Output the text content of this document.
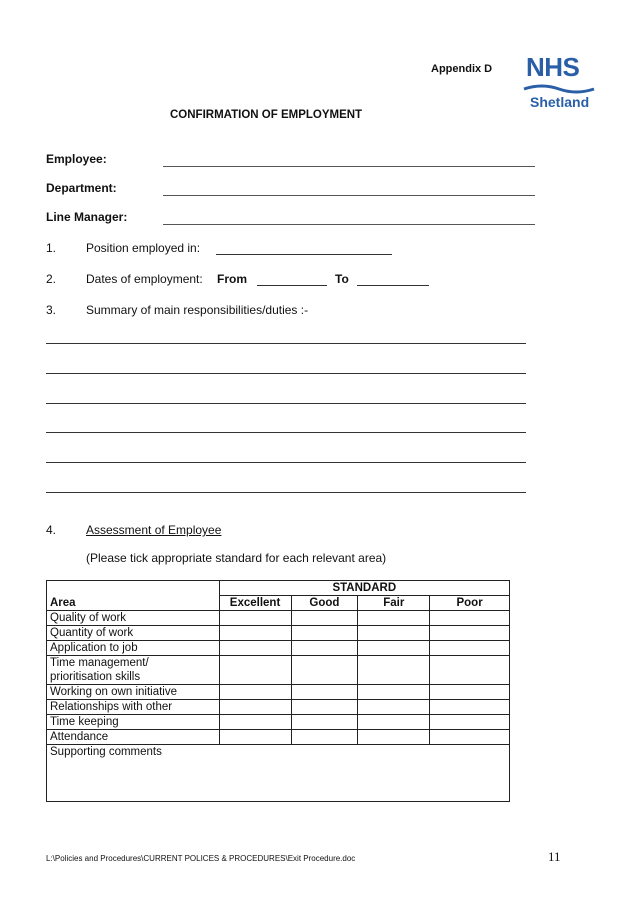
Appendix D NHS
Shetland
CONFIRMATION OF EMPLOYMENT
Employee:
Department:
Line Manager:
1. Position employed in:
2. Dates of employment: From	To
3. Summary of main responsibilities/duties :-
4. Assessment of Employee
(Please tick appropriate standard for each relevant area)
	STANDARD			
Area	Excellent	Good	Fair	Poor
Quality of work				
Quantity of work				
Application to job				
Time management/
prioritisation skills				
Working on own initiative				
Relationships with other				
Time keeping				
Attendance				
Supporting comments				
L:\Policies and Procedures\CURRENT POLICES & PROCEDURES\Exit Procedure.doc	11
